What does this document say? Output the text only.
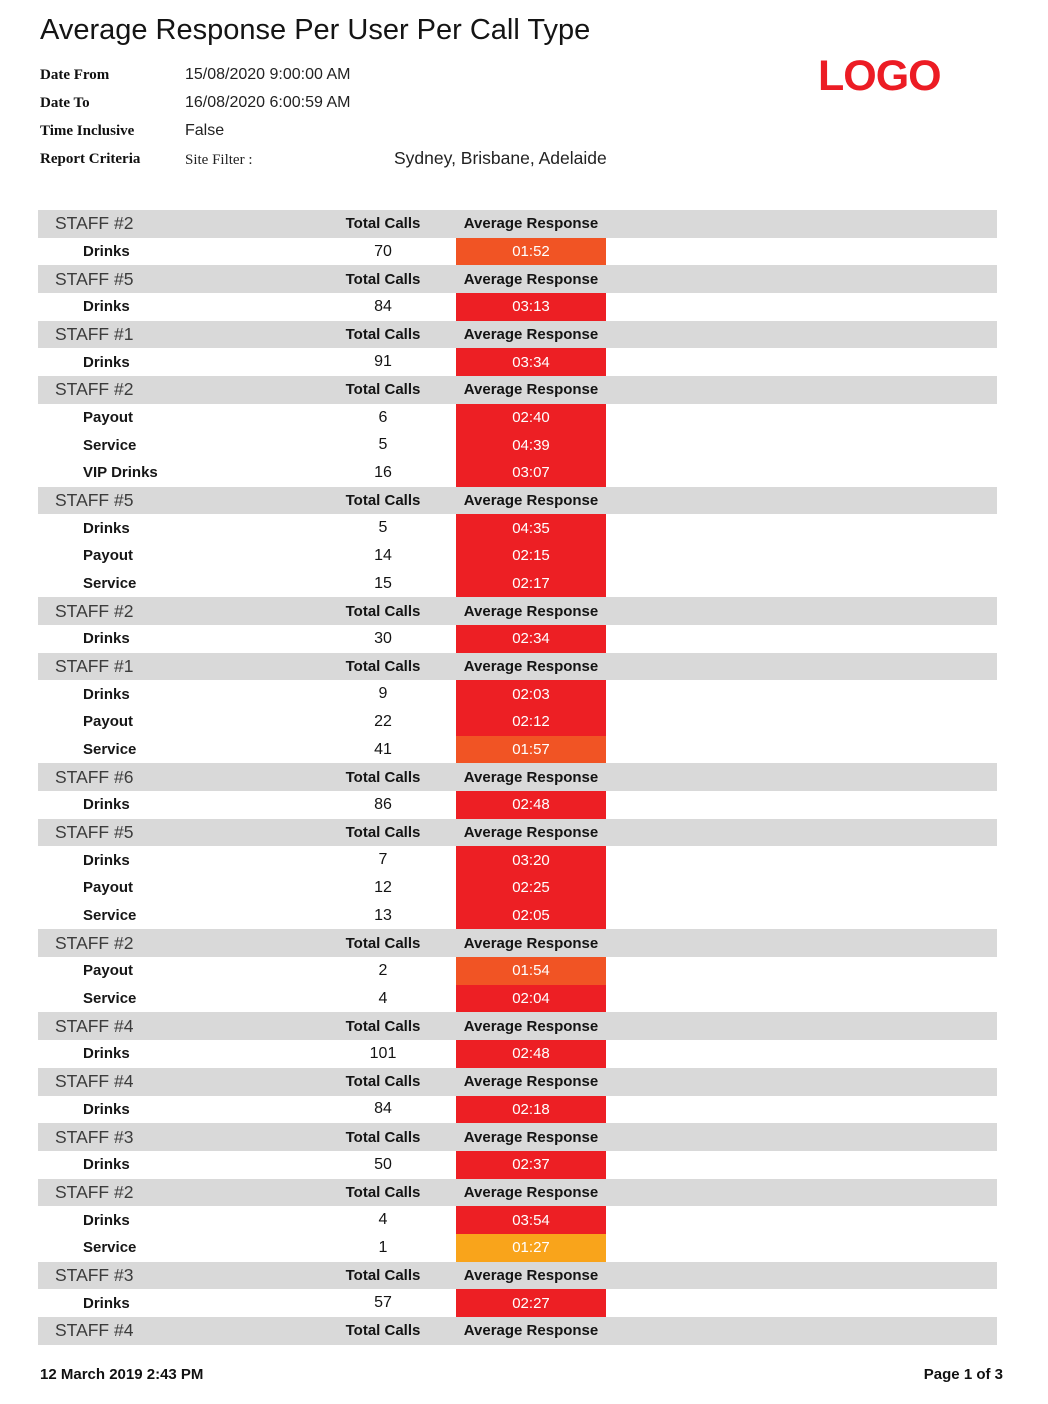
Average Response Per User Per Call Type
LOGO
Date From	15/08/2020 9:00:00 AM
Date To	16/08/2020 6:00:59 AM
Time Inclusive	False
Report Criteria	Site Filter :	Sydney, Brisbane, Adelaide
STAFF #2	Total Calls	Average Response
Drinks	70	01:52
STAFF #5	Total Calls	Average Response
Drinks	84	03:13
STAFF #1	Total Calls	Average Response
Drinks	91	03:34
STAFF #2	Total Calls	Average Response
Payout	6	02:40
Service	5	04:39
VIP Drinks	16	03:07
STAFF #5	Total Calls	Average Response
Drinks	5	04:35
Payout	14	02:15
Service	15	02:17
STAFF #2	Total Calls	Average Response
Drinks	30	02:34
STAFF #1	Total Calls	Average Response
Drinks	9	02:03
Payout	22	02:12
Service	41	01:57
STAFF #6	Total Calls	Average Response
Drinks	86	02:48
STAFF #5	Total Calls	Average Response
Drinks	7	03:20
Payout	12	02:25
Service	13	02:05
STAFF #2	Total Calls	Average Response
Payout	2	01:54
Service	4	02:04
STAFF #4	Total Calls	Average Response
Drinks	101	02:48
STAFF #4	Total Calls	Average Response
Drinks	84	02:18
STAFF #3	Total Calls	Average Response
Drinks	50	02:37
STAFF #2	Total Calls	Average Response
Drinks	4	03:54
Service	1	01:27
STAFF #3	Total Calls	Average Response
Drinks	57	02:27
STAFF #4	Total Calls	Average Response
12 March 2019 2:43 PM	Page 1 of 3
